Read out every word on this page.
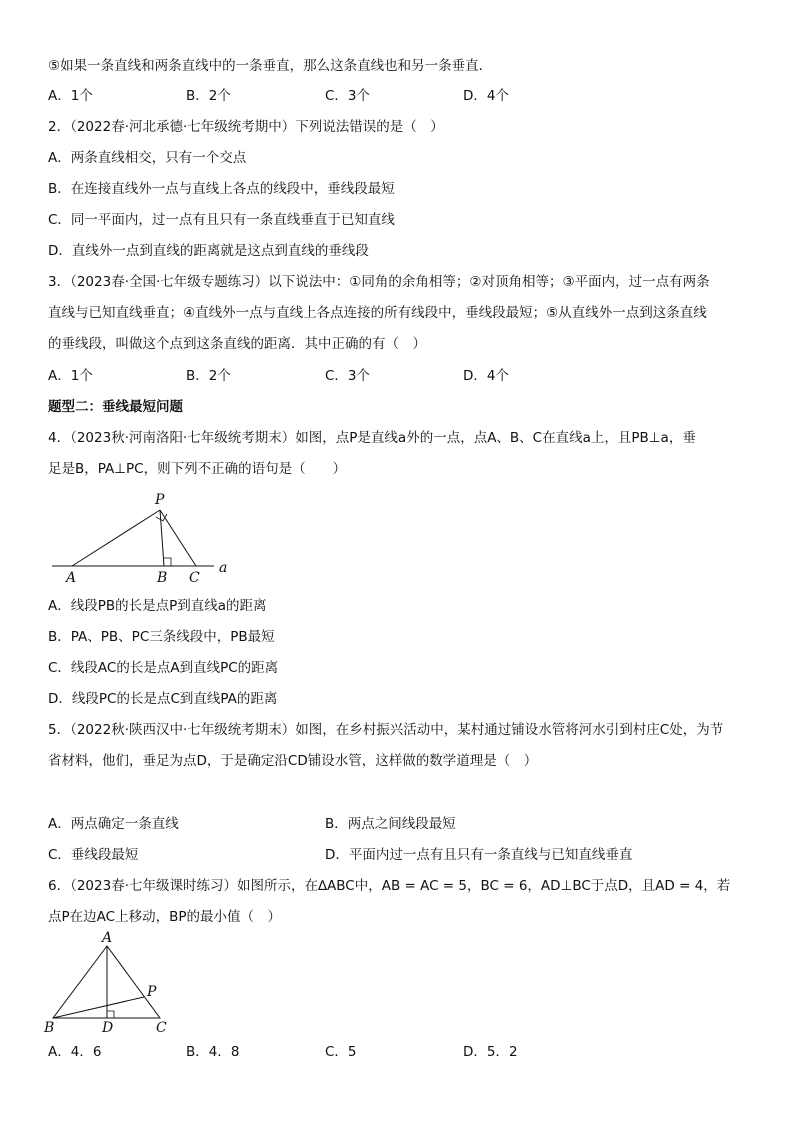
⑤如果一条直线和两条直线中的一条垂直，那么这条直线也和另一条垂直．
A．1个	B．2个	C．3个	D．4个
2．（2022春·河北承德·七年级统考期中）下列说法错误的是（　）
A．两条直线相交，只有一个交点
B．在连接直线外一点与直线上各点的线段中，垂线段最短
C．同一平面内，过一点有且只有一条直线垂直于已知直线
D．直线外一点到直线的距离就是这点到直线的垂线段
3．（2023春·全国·七年级专题练习）以下说法中：①同角的余角相等；②对顶角相等；③平面内，过一点有两条
直线与已知直线垂直；④直线外一点与直线上各点连接的所有线段中，垂线段最短；⑤从直线外一点到这条直线
的垂线段，叫做这个点到这条直线的距离．其中正确的有（　）
A．1个	B．2个	C．3个	D．4个
题型二：垂线最短问题
4．（2023秋·河南洛阳·七年级统考期末）如图，点P是直线a外的一点，点A、B、C在直线a上，且PB⊥a，垂
足是B，PA⊥PC，则下列不正确的语句是（　　）
P
A	B C
a
A．线段PB的长是点P到直线a的距离
B．PA、PB、PC三条线段中，PB最短
C．线段AC的长是点A到直线PC的距离
D．线段PC的长是点C到直线PA的距离
5．（2022秋·陕西汉中·七年级统考期末）如图，在乡村振兴活动中，某村通过铺设水管将河水引到村庄C处，为节
省材料，他们，垂足为点D，于是确定沿CD铺设水管，这样做的数学道理是（　）
A．两点确定一条直线	B．两点之间线段最短
C．垂线段最短	D．平面内过一点有且只有一条直线与已知直线垂直
6．（2023春·七年级课时练习）如图所示，在∆ABC中，AB = AC = 5，BC = 6，AD⊥BC于点D，且AD = 4，若
点P在边AC上移动，BP的最小值（　）
A
B	C
D
P
A．4．6	B．4．8	C．5	D．5．2
